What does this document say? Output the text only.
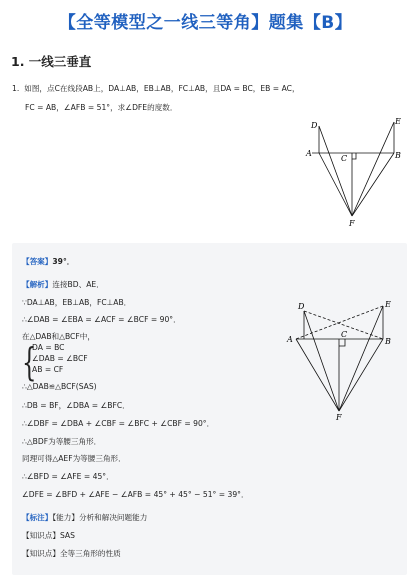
【全等模型之一线三等角】题集【B】
1. 一线三垂直
1. 如图，点C在线段AB上，DA⊥AB，EB⊥AB，FC⊥AB，且DA = BC，EB = AC，
FC = AB，∠AFB = 51°，求∠DFE的度数．
D	E
A	B
C
F
【答案】39°．
【解析】连接BD、AE．
∵DA⊥AB，EB⊥AB，FC⊥AB．
∴∠DAB = ∠EBA = ∠ACF = ∠BCF = 90°．
在△DAB和△BCF中，
{
DA = BC
∠DAB = ∠BCF
AB = CF
∴△DAB≌△BCF(SAS)
∴DB = BF，∠DBA = ∠BFC．
∴∠DBF = ∠DBA + ∠CBF = ∠BFC + ∠CBF = 90°．
∴△BDF为等腰三角形．
同理可得△AEF为等腰三角形．
∴∠BFD = ∠AFE = 45°．
∠DFE = ∠BFD + ∠AFE − ∠AFB = 45° + 45° − 51° = 39°．
【标注】【能力】分析和解决问题能力
【知识点】SAS
【知识点】全等三角形的性质
D	E
A	B
C
F
